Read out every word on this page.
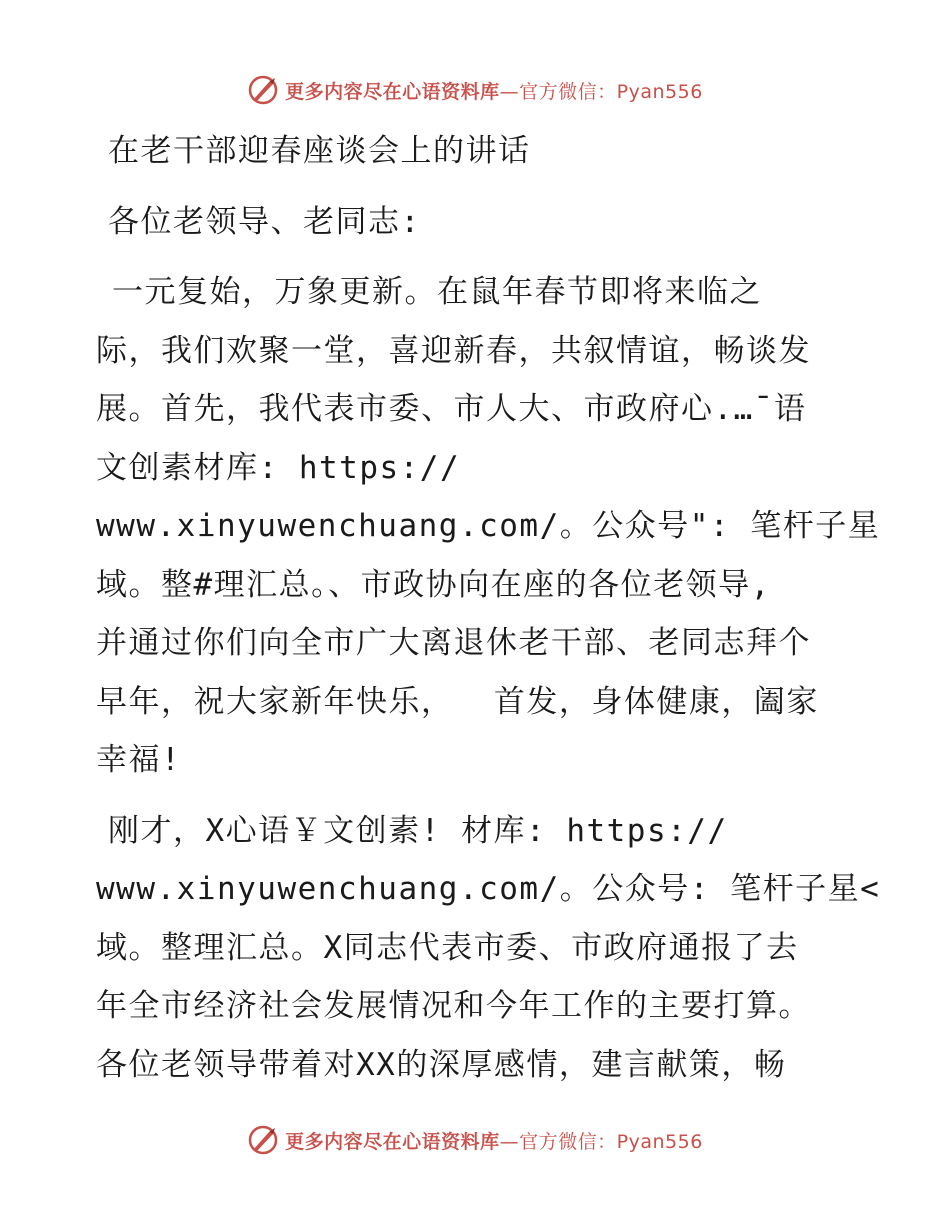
更多内容尽在心语资料库—官方微信：Pyan556
在老干部迎春座谈会上的讲话
各位老领导、老同志:
一元复始，万象更新。在鼠年春节即将来临之
际，我们欢聚一堂，喜迎新春，共叙情谊，畅谈发
展。首先，我代表市委、市人大、市政府心.…¯语
文创素材库: https://
www.xinyuwenchuang.com/。公众号": 笔杆子星
域。整#理汇总。、市政协向在座的各位老领导,
并通过你们向全市广大离退休老干部、老同志拜个
早年，祝大家新年快乐，  首发，身体健康，阖家
幸福!
刚才，X心语￥文创素! 材库: https://
www.xinyuwenchuang.com/。公众号: 笔杆子星<
域。整理汇总。X同志代表市委、市政府通报了去
年全市经济社会发展情况和今年工作的主要打算。
各位老领导带着对XX的深厚感情，建言献策，畅
更多内容尽在心语资料库—官方微信：Pyan556
